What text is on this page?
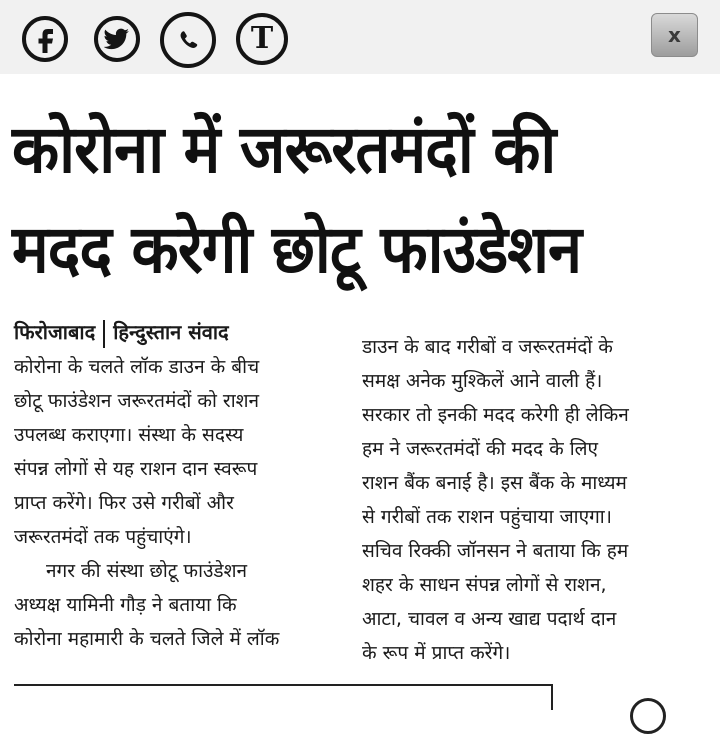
T	x
कोरोना में जरूरतमंदों की
मदद करेगी छोटू फाउंडेशन
फिरोजाबाद हिन्दुस्तान संवाद
कोरोना के चलते लॉक डाउन के बीच
छोटू फाउंडेशन जरूरतमंदों को राशन
उपलब्ध कराएगा। संस्था के सदस्य
संपन्न लोगों से यह राशन दान स्वरूप
प्राप्त करेंगे। फिर उसे गरीबों और
जरूरतमंदों तक पहुंचाएंगे।
नगर की संस्था छोटू फाउंडेशन
अध्यक्ष यामिनी गौड़ ने बताया कि
कोरोना महामारी के चलते जिले में लॉक
डाउन के बाद गरीबों व जरूरतमंदों के
समक्ष अनेक मुश्किलें आने वाली हैं।
सरकार तो इनकी मदद करेगी ही लेकिन
हम ने जरूरतमंदों की मदद के लिए
राशन बैंक बनाई है। इस बैंक के माध्यम
से गरीबों तक राशन पहुंचाया जाएगा।
सचिव रिक्की जॉनसन ने बताया कि हम
शहर के साधन संपन्न लोगों से राशन,
आटा, चावल व अन्य खाद्य पदार्थ दान
के रूप में प्राप्त करेंगे।
